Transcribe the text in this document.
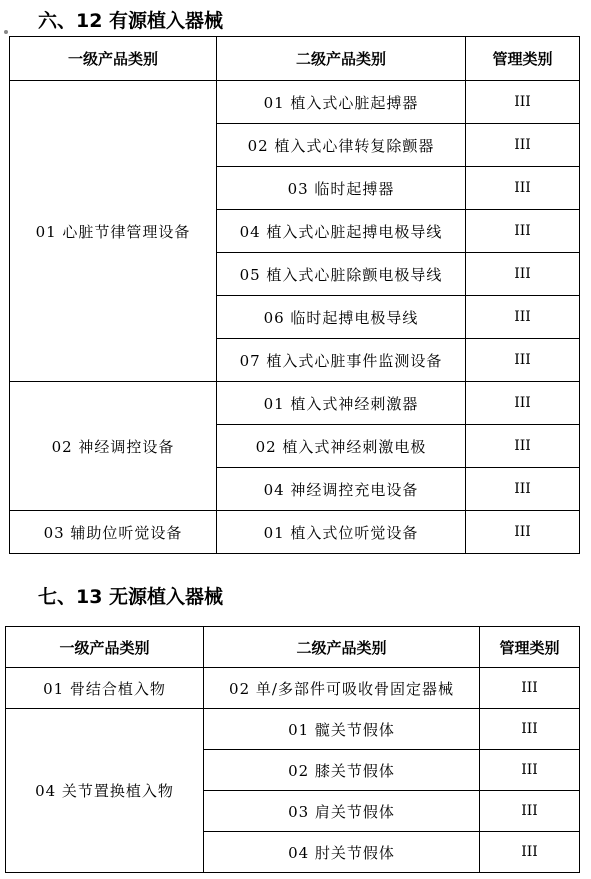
六、12 有源植入器械
一级产品类别	二级产品类别	管理类别
01 心脏节律管理设备	01 植入式心脏起搏器	III
	02 植入式心律转复除颤器	III
	03 临时起搏器	III
	04 植入式心脏起搏电极导线	III
	05 植入式心脏除颤电极导线	III
	06 临时起搏电极导线	III
	07 植入式心脏事件监测设备	III
02 神经调控设备	01 植入式神经刺激器	III
	02 植入式神经刺激电极	III
	04 神经调控充电设备	III
03 辅助位听觉设备	01 植入式位听觉设备	III
七、13 无源植入器械
一级产品类别	二级产品类别	管理类别
01 骨结合植入物	02 单/多部件可吸收骨固定器械	III
04 关节置换植入物	01 髋关节假体	III
	02 膝关节假体	III
	03 肩关节假体	III
	04 肘关节假体	III
